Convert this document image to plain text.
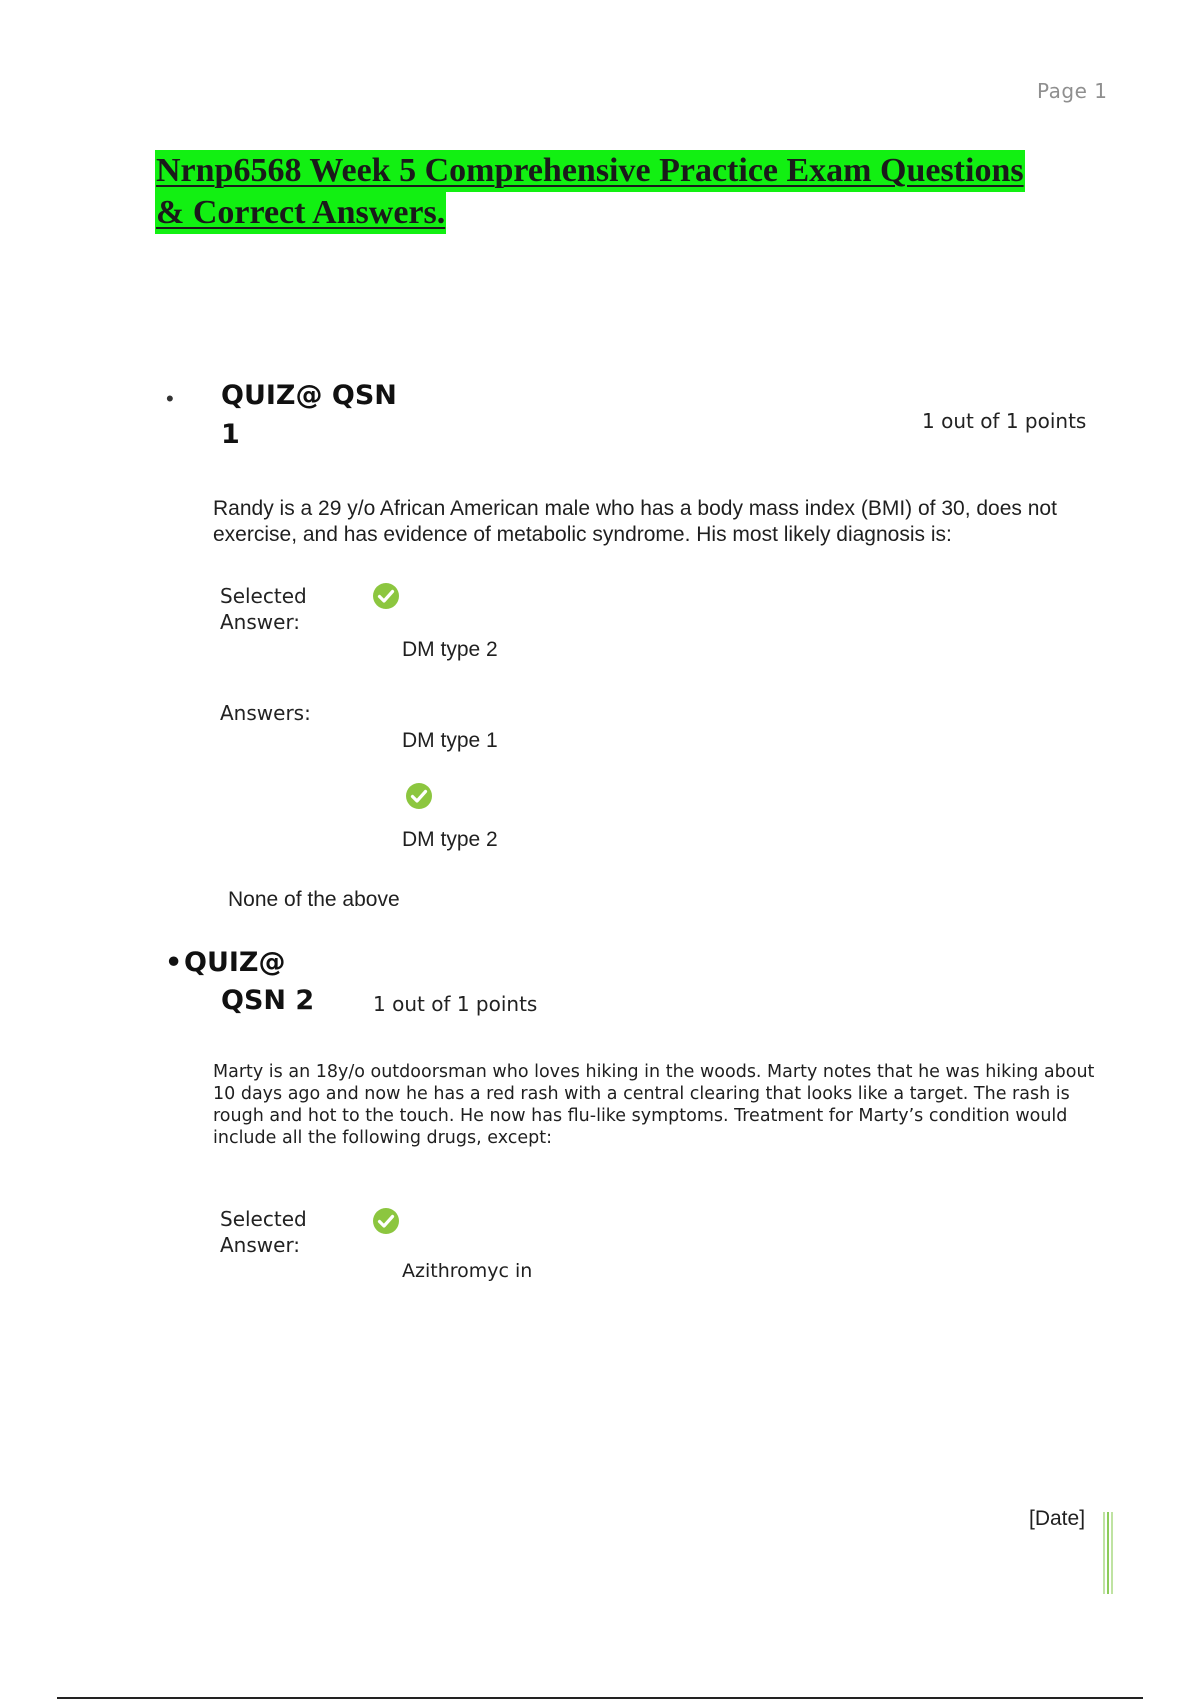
Page 1
Nrnp6568 Week 5 Comprehensive Practice Exam Questions
& Correct Answers.
• QUIZ@ QSN
1	1 out of 1 points
Randy is a 29 y/o African American male who has a body mass index (BMI) of 30, does not
exercise, and has evidence of metabolic syndrome. His most likely diagnosis is:
Selected
Answer:
DM type 2
Answers:
DM type 1
DM type 2
None of the above
• QUIZ@
QSN 2	1 out of 1 points
Marty is an 18y/o outdoorsman who loves hiking in the woods. Marty notes that he was hiking about
10 days ago and now he has a red rash with a central clearing that looks like a target. The rash is
rough and hot to the touch. He now has flu-like symptoms. Treatment for Marty’s condition would
include all the following drugs, except:
Selected
Answer:
Azithromyc in
[Date]
